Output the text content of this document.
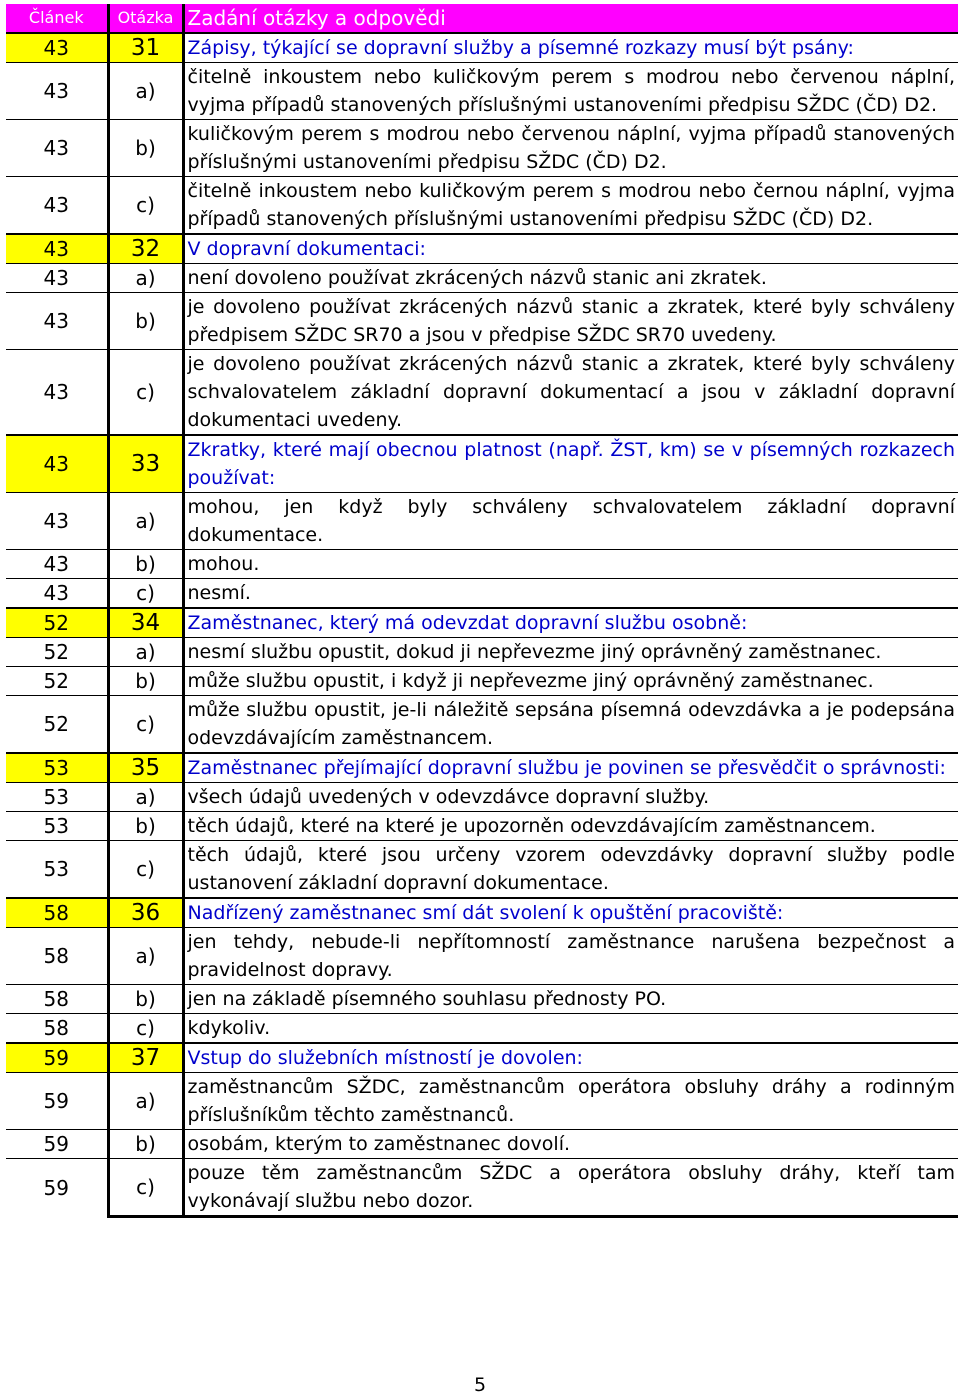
Článek	Otázka	Zadání otázky a odpovědi
43	31	Zápisy, týkající se dopravní služby a písemné rozkazy musí být psány:
43	a)	čitelně inkoustem nebo kuličkovým perem s modrou nebo červenou náplní, vyjma případů stanovených příslušnými ustanoveními předpisu SŽDC (ČD) D2.
43	b)	kuličkovým perem s modrou nebo červenou náplní, vyjma případů stanovených příslušnými ustanoveními předpisu SŽDC (ČD) D2.
43	c)	čitelně inkoustem nebo kuličkovým perem s modrou nebo černou náplní, vyjma případů stanovených příslušnými ustanoveními předpisu SŽDC (ČD) D2.
43	32	V dopravní dokumentaci:
43	a)	není dovoleno používat zkrácených názvů stanic ani zkratek.
43	b)	je dovoleno používat zkrácených názvů stanic a zkratek, které byly schváleny předpisem SŽDC SR70 a jsou v předpise SŽDC SR70 uvedeny.
43	c)	je dovoleno používat zkrácených názvů stanic a zkratek, které byly schváleny schvalovatelem základní dopravní dokumentací a jsou v základní dopravní dokumentaci uvedeny.
43	33	Zkratky, které mají obecnou platnost (např. ŽST, km) se v písemných rozkazech používat:
43	a)	mohou, jen když byly schváleny schvalovatelem základní dopravní dokumentace.
43	b)	mohou.
43	c)	nesmí.
52	34	Zaměstnanec, který má odevzdat dopravní službu osobně:
52	a)	nesmí službu opustit, dokud ji nepřevezme jiný oprávněný zaměstnanec.
52	b)	může službu opustit, i když ji nepřevezme jiný oprávněný zaměstnanec.
52	c)	může službu opustit, je-li náležitě sepsána písemná odevzdávka a je podepsána odevzdávajícím zaměstnancem.
53	35	Zaměstnanec přejímající dopravní službu je povinen se přesvědčit o správnosti:
53	a)	všech údajů uvedených v odevzdávce dopravní služby.
53	b)	těch údajů, které na které je upozorněn odevzdávajícím zaměstnancem.
53	c)	těch údajů, které jsou určeny vzorem odevzdávky dopravní služby podle ustanovení základní dopravní dokumentace.
58	36	Nadřízený zaměstnanec smí dát svolení k opuštění pracoviště:
58	a)	jen tehdy, nebude-li nepřítomností zaměstnance narušena bezpečnost a pravidelnost dopravy.
58	b)	jen na základě písemného souhlasu přednosty PO.
58	c)	kdykoliv.
59	37	Vstup do služebních místností je dovolen:
59	a)	zaměstnancům SŽDC, zaměstnancům operátora obsluhy dráhy a rodinným příslušníkům těchto zaměstnanců.
59	b)	osobám, kterým to zaměstnanec dovolí.
59	c)	pouze těm zaměstnancům SŽDC a operátora obsluhy dráhy, kteří tam vykonávají službu nebo dozor.
5
